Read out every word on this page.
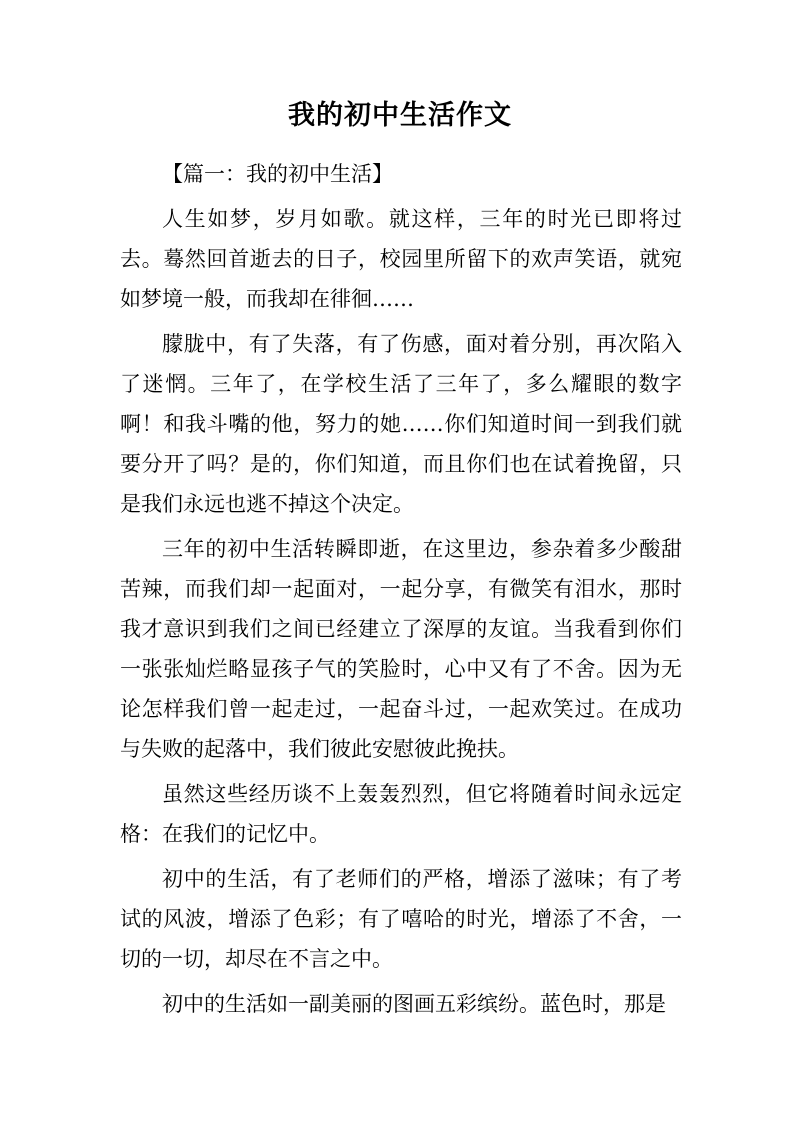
我的初中生活作文

【篇一：我的初中生活】

人生如梦，岁月如歌。就这样，三年的时光已即将过去。蓦然回首逝去的日子，校园里所留下的欢声笑语，就宛如梦境一般，而我却在徘徊……

朦胧中，有了失落，有了伤感，面对着分别，再次陷入了迷惘。三年了，在学校生活了三年了，多么耀眼的数字啊！和我斗嘴的他，努力的她……你们知道时间一到我们就要分开了吗？是的，你们知道，而且你们也在试着挽留，只是我们永远也逃不掉这个决定。

三年的初中生活转瞬即逝，在这里边，参杂着多少酸甜苦辣，而我们却一起面对，一起分享，有微笑有泪水，那时我才意识到我们之间已经建立了深厚的友谊。当我看到你们一张张灿烂略显孩子气的笑脸时，心中又有了不舍。因为无论怎样我们曾一起走过，一起奋斗过，一起欢笑过。在成功与失败的起落中，我们彼此安慰彼此挽扶。

虽然这些经历谈不上轰轰烈烈，但它将随着时间永远定格：在我们的记忆中。

初中的生活，有了老师们的严格，增添了滋味；有了考试的风波，增添了色彩；有了嘻哈的时光，增添了不舍，一切的一切，却尽在不言之中。

初中的生活如一副美丽的图画五彩缤纷。蓝色时，那是
